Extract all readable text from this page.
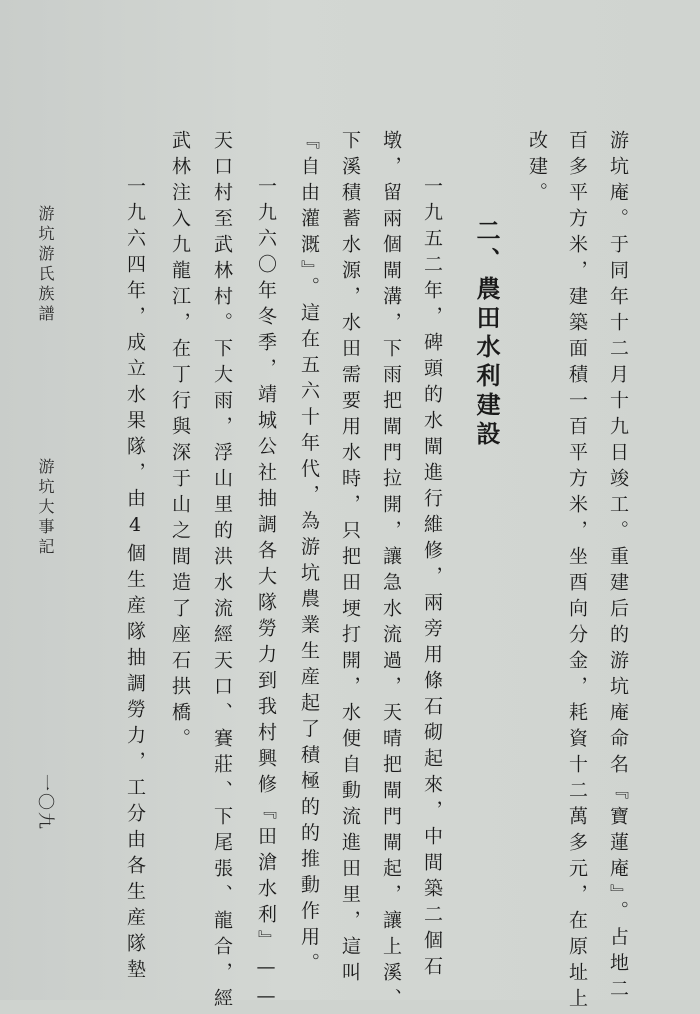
游坑庵。于同年十二月十九日竣工。重建后的游坑庵命名『寶蓮庵』。占地二
百多平方米，建築面積一百平方米，坐酉向分金，耗資十二萬多元，在原址上
改建。
二、農田水利建設
一九五二年，碑頭的水閘進行維修，兩旁用條石砌起來，中間築二個石
墩，留兩個閘溝，下雨把閘門拉開，讓急水流過，天晴把閘門閘起，讓上溪、
下溪積蓄水源，水田需要用水時，只把田埂打開，水便自動流進田里，這叫
『自由灌溉』。這在五六十年代，為游坑農業生産起了積極的的推動作用。
一九六〇年冬季，靖城公社抽調各大隊勞力到我村興修『田滄水利』——
天口村至武林村。下大雨，浮山里的洪水流經天口、賽莊、下尾張、龍合，經
武林注入九龍江，在丁行與深于山之間造了座石拱橋。
一九六四年，成立水果隊，由4個生産隊抽調勞力，工分由各生産隊墊
游坑游氏族譜
游坑大事記
一〇九
